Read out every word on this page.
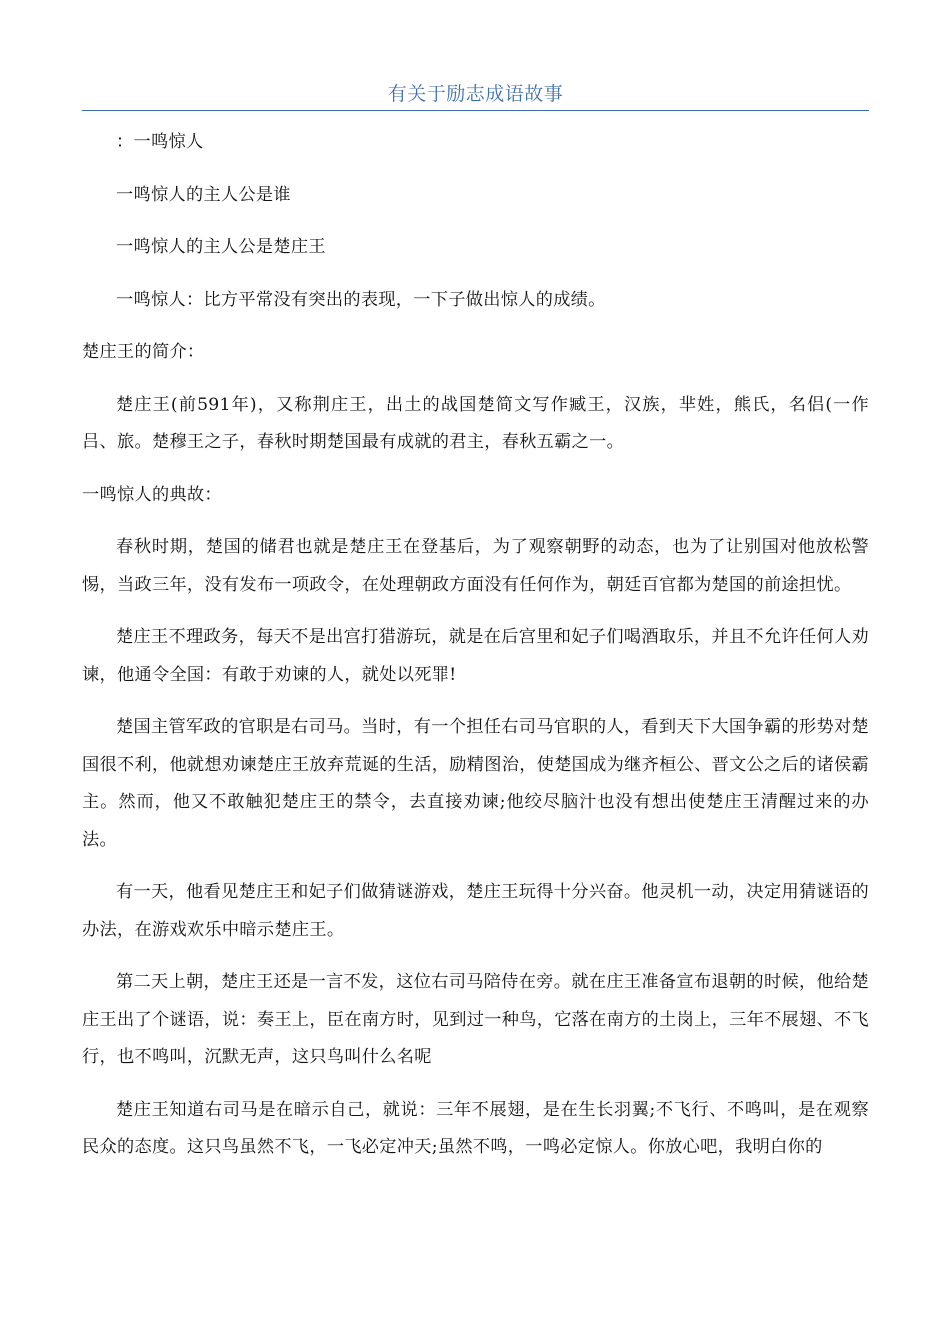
有关于励志成语故事

：一鸣惊人

一鸣惊人的主人公是谁

一鸣惊人的主人公是楚庄王

一鸣惊人：比方平常没有突出的表现，一下子做出惊人的成绩。

楚庄王的简介：

楚庄王(前591年)，又称荆庄王，出土的战国楚简文写作臧王，汉族，芈姓，熊氏，名侣(一作吕、旅。楚穆王之子，春秋时期楚国最有成就的君主，春秋五霸之一。

一鸣惊人的典故：

春秋时期，楚国的储君也就是楚庄王在登基后，为了观察朝野的动态，也为了让别国对他放松警惕，当政三年，没有发布一项政令，在处理朝政方面没有任何作为，朝廷百官都为楚国的前途担忧。

楚庄王不理政务，每天不是出宫打猎游玩，就是在后宫里和妃子们喝酒取乐，并且不允许任何人劝谏，他通令全国：有敢于劝谏的人，就处以死罪!

楚国主管军政的官职是右司马。当时，有一个担任右司马官职的人，看到天下大国争霸的形势对楚国很不利，他就想劝谏楚庄王放弃荒诞的生活，励精图治，使楚国成为继齐桓公、晋文公之后的诸侯霸主。然而，他又不敢触犯楚庄王的禁令，去直接劝谏;他绞尽脑汁也没有想出使楚庄王清醒过来的办法。

有一天，他看见楚庄王和妃子们做猜谜游戏，楚庄王玩得十分兴奋。他灵机一动，决定用猜谜语的办法，在游戏欢乐中暗示楚庄王。

第二天上朝，楚庄王还是一言不发，这位右司马陪侍在旁。就在庄王准备宣布退朝的时候，他给楚庄王出了个谜语，说：奏王上，臣在南方时，见到过一种鸟，它落在南方的土岗上，三年不展翅、不飞行，也不鸣叫，沉默无声，这只鸟叫什么名呢

楚庄王知道右司马是在暗示自己，就说：三年不展翅，是在生长羽翼;不飞行、不鸣叫，是在观察民众的态度。这只鸟虽然不飞，一飞必定冲天;虽然不鸣，一鸣必定惊人。你放心吧，我明白你的
